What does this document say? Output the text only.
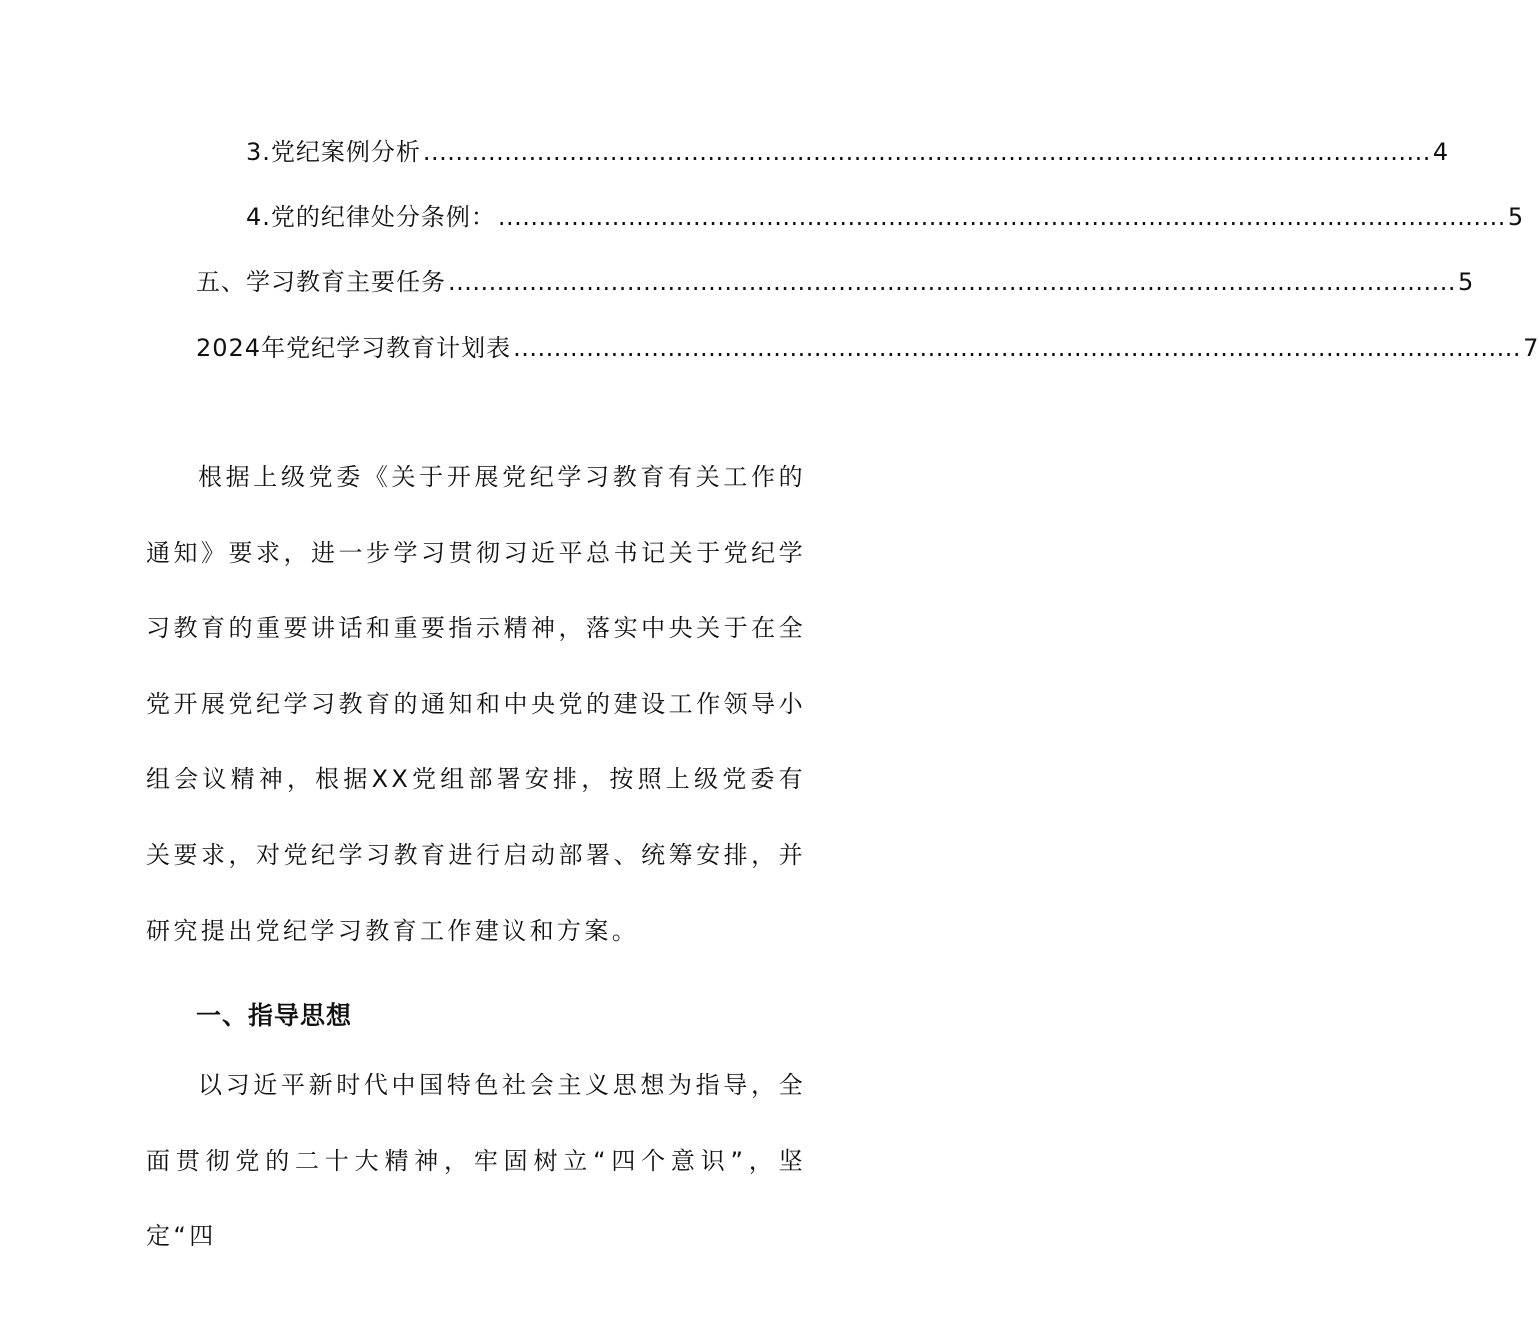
3.党纪案例分析 ............................................................................................................................ 4
4.党的纪律处分条例： ............................................................................................................................ 5
五、学习教育主要任务 ............................................................................................................................ 5
2024年党纪学习教育计划表 ............................................................................................................................ 7

根据上级党委《关于开展党纪学习教育有关工作的通知》要求，进一步学习贯彻习近平总书记关于党纪学习教育的重要讲话和重要指示精神，落实中央关于在全党开展党纪学习教育的通知和中央党的建设工作领导小组会议精神，根据XX党组部署安排，按照上级党委有关要求，对党纪学习教育进行启动部署、统筹安排，并研究提出党纪学习教育工作建议和方案。

一、指导思想

以习近平新时代中国特色社会主义思想为指导，全面贯彻党的二十大精神，牢固树立“四个意识”，坚定“四
